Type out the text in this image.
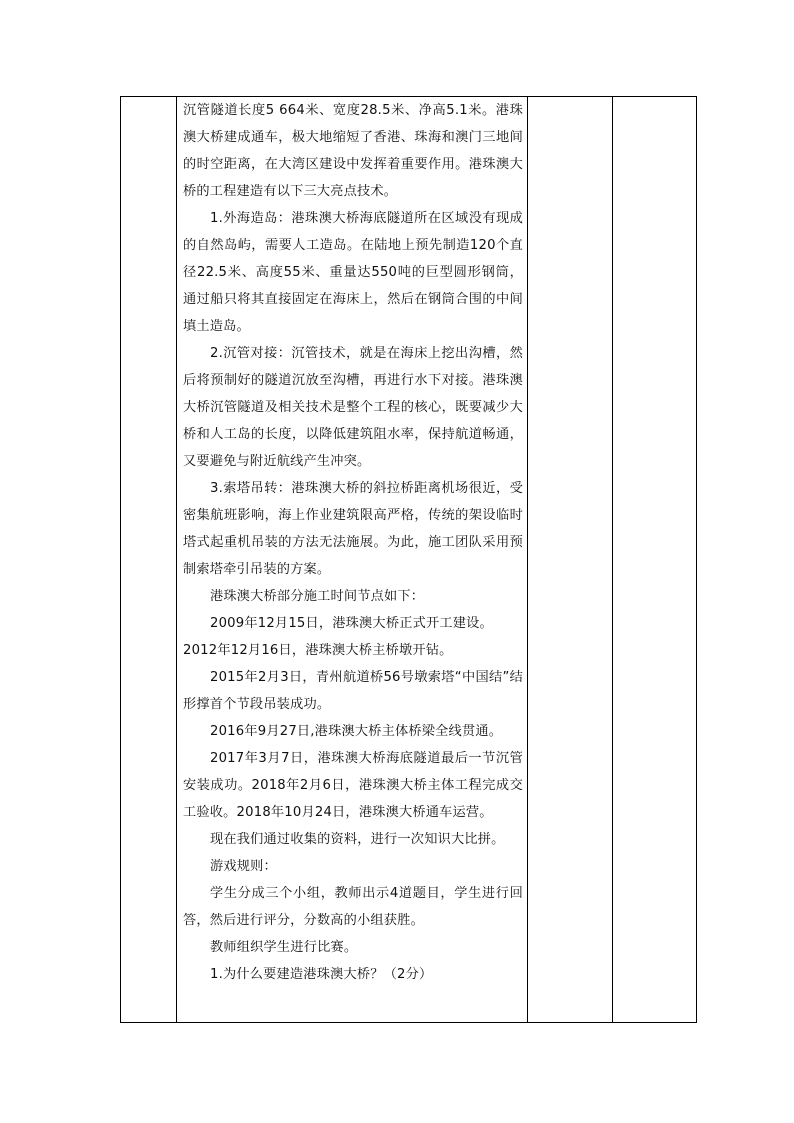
沉管隧道长度5 664米、宽度28.5米、净高5.1米。港珠澳大桥建成通车，极大地缩短了香港、珠海和澳门三地间的时空距离，在大湾区建设中发挥着重要作用。港珠澳大桥的工程建造有以下三大亮点技术。

1.外海造岛：港珠澳大桥海底隧道所在区域没有现成的自然岛屿，需要人工造岛。在陆地上预先制造120个直径22.5米、高度55米、重量达550吨的巨型圆形钢筒，通过船只将其直接固定在海床上，然后在钢筒合围的中间填土造岛。

2.沉管对接：沉管技术，就是在海床上挖出沟槽，然后将预制好的隧道沉放至沟槽，再进行水下对接。港珠澳大桥沉管隧道及相关技术是整个工程的核心，既要减少大桥和人工岛的长度，以降低建筑阻水率，保持航道畅通，又要避免与附近航线产生冲突。

3.索塔吊转：港珠澳大桥的斜拉桥距离机场很近，受密集航班影响，海上作业建筑限高严格，传统的架设临时塔式起重机吊装的方法无法施展。为此，施工团队采用预制索塔牵引吊装的方案。

港珠澳大桥部分施工时间节点如下：

2009年12月15日，港珠澳大桥正式开工建设。

2012年12月16日，港珠澳大桥主桥墩开钻。

2015年2月3日，青州航道桥56号墩索塔“中国结”结形撑首个节段吊装成功。

2016年9月27日,港珠澳大桥主体桥梁全线贯通。

2017年3月7日，港珠澳大桥海底隧道最后一节沉管安装成功。2018年2月6日，港珠澳大桥主体工程完成交工验收。2018年10月24日，港珠澳大桥通车运营。

现在我们通过收集的资料，进行一次知识大比拼。

游戏规则：

学生分成三个小组，教师出示4道题目，学生进行回答，然后进行评分，分数高的小组获胜。

教师组织学生进行比赛。

1.为什么要建造港珠澳大桥？（2分）
